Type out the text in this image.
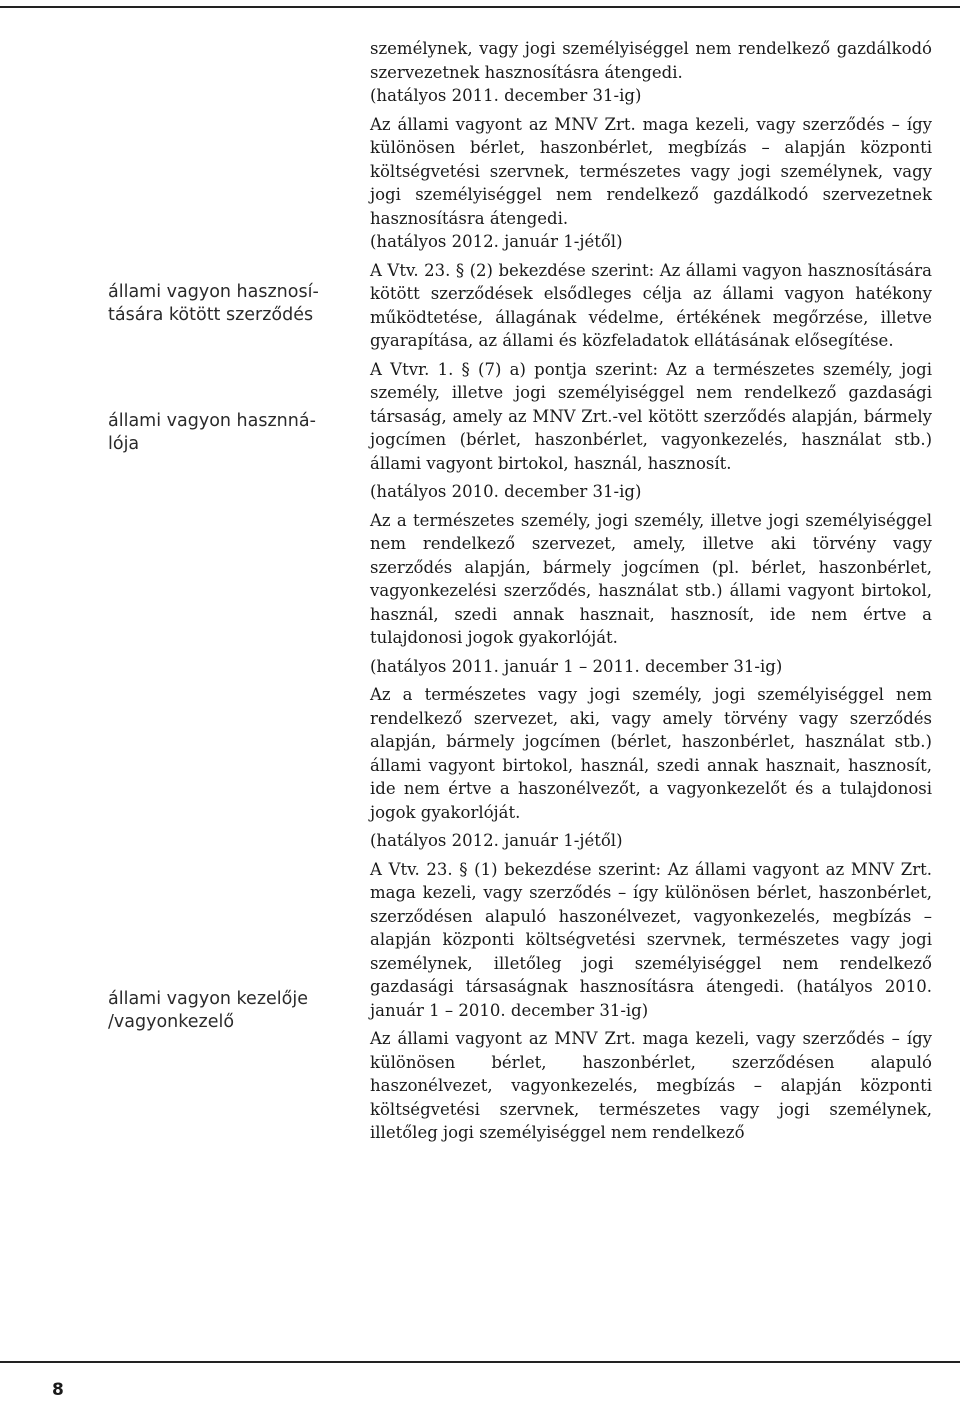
állami vagyon hasznosí-
tására kötött szerződés
állami vagyon hasznná-
lója
állami vagyon kezelője
/vagyonkezelő

személynek, vagy jogi személyiséggel nem rendelkező gazdálkodó szervezetnek hasznosításra átengedi.

(hatályos 2011. december 31-ig)

Az állami vagyont az MNV Zrt. maga kezeli, vagy szerződés – így különösen bérlet, haszonbérlet, megbízás – alapján központi költségvetési szervnek, természetes vagy jogi személynek, vagy jogi személyiséggel nem rendelkező gazdálkodó szervezetnek hasznosításra átengedi.

(hatályos 2012. január 1-jétől)

A Vtv. 23. § (2) bekezdése szerint: Az állami vagyon hasznosítására kötött szerződések elsődleges célja az állami vagyon hatékony működtetése, állagának védelme, értékének megőrzése, illetve gyarapítása, az állami és közfeladatok ellátásának elősegítése.

A Vtvr. 1. § (7) a) pontja szerint: Az a természetes személy, jogi személy, illetve jogi személyiséggel nem rendelkező gazdasági társaság, amely az MNV Zrt.-vel kötött szerződés alapján, bármely jogcímen (bérlet, haszonbérlet, vagyonkezelés, használat stb.) állami vagyont birtokol, használ, hasznosít.

(hatályos 2010. december 31-ig)

Az a természetes személy, jogi személy, illetve jogi személyiséggel nem rendelkező szervezet, amely, illetve aki törvény vagy szerződés alapján, bármely jogcímen (pl. bérlet, haszonbérlet, vagyonkezelési szerződés, használat stb.) állami vagyont birtokol, használ, szedi annak hasznait, hasznosít, ide nem értve a tulajdonosi jogok gyakorlóját.

(hatályos 2011. január 1 – 2011. december 31-ig)

Az a természetes vagy jogi személy, jogi személyiséggel nem rendelkező szervezet, aki, vagy amely törvény vagy szerződés alapján, bármely jogcímen (bérlet, haszonbérlet, használat stb.) állami vagyont birtokol, használ, szedi annak hasznait, hasznosít, ide nem értve a haszonélvezőt, a vagyonkezelőt és a tulajdonosi jogok gyakorlóját.

(hatályos 2012. január 1-jétől)

A Vtv. 23. § (1) bekezdése szerint: Az állami vagyont az MNV Zrt. maga kezeli, vagy szerződés – így különösen bérlet, haszonbérlet, szerződésen alapuló haszonélvezet, vagyonkezelés, megbízás – alapján központi költségvetési szervnek, természetes vagy jogi személynek, illetőleg jogi személyiséggel nem rendelkező gazdasági társaságnak hasznosításra átengedi. (hatályos 2010. január 1 – 2010. december 31-ig)

Az állami vagyont az MNV Zrt. maga kezeli, vagy szerződés – így különösen bérlet, haszonbérlet, szerződésen alapuló haszonélvezet, vagyonkezelés, megbízás – alapján központi költségvetési szervnek, természetes vagy jogi személynek, illetőleg jogi személyiséggel nem rendelkező

8
